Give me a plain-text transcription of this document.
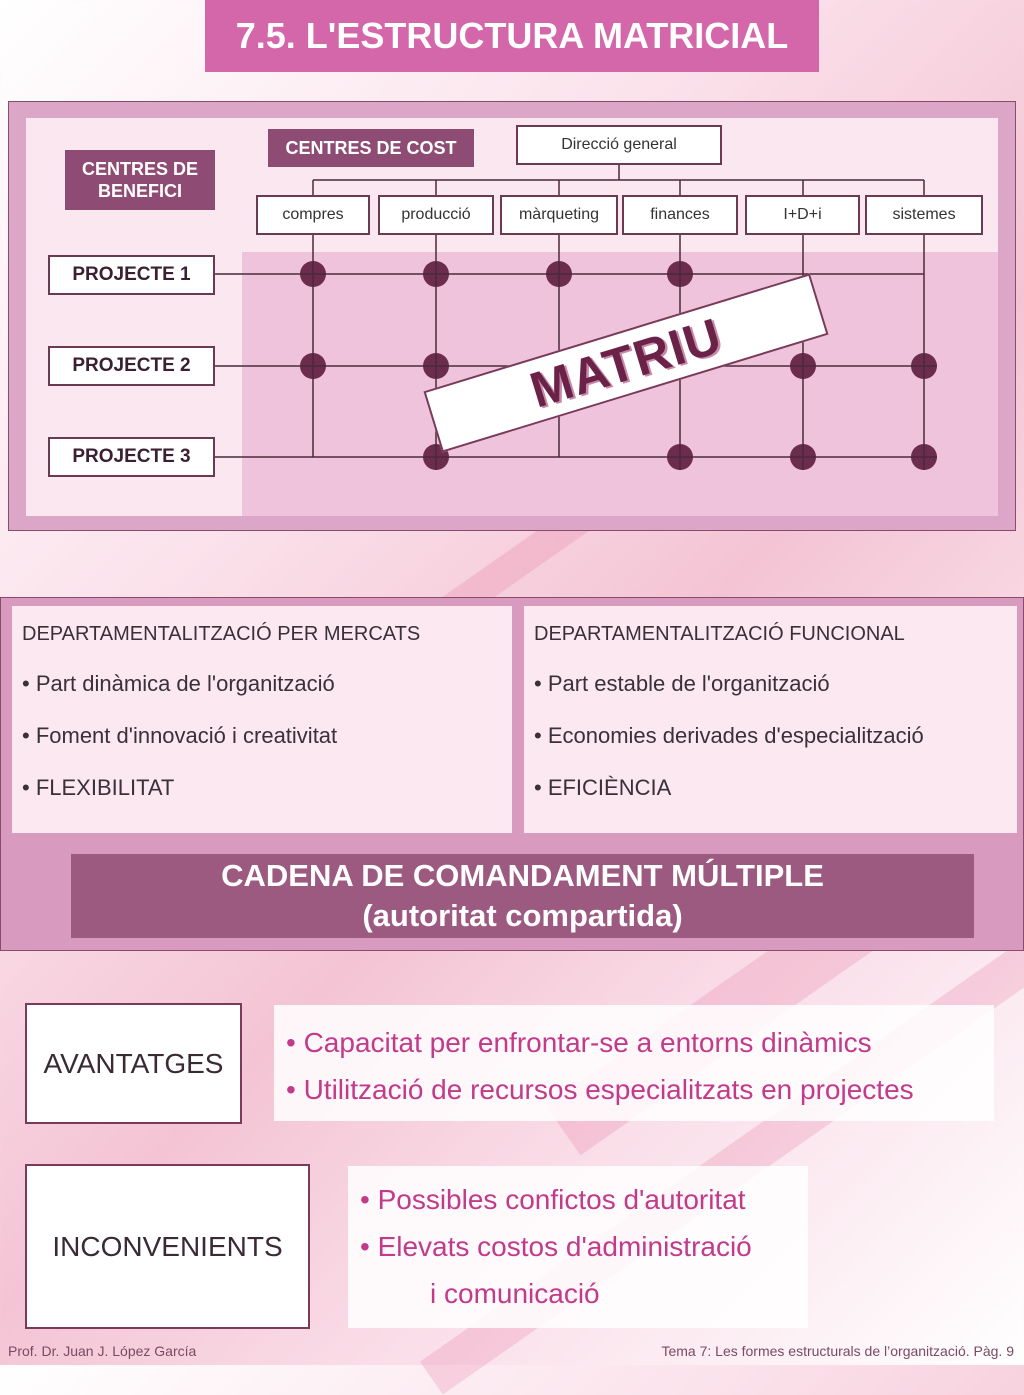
7.5. L'ESTRUCTURA MATRICIAL
CENTRES DE BENEFICI
CENTRES DE COST	Direcció general
compres	producció	màrqueting	finances	I+D+i	sistemes
PROJECTE 1
PROJECTE 2
PROJECTE 3
MATRIU
DEPARTAMENTALITZACIÓ PER MERCATS
• Part dinàmica de l'organització
• Foment d'innovació i creativitat
• FLEXIBILITAT
DEPARTAMENTALITZACIÓ FUNCIONAL
• Part estable de l'organització
• Economies derivades d'especialització
• EFICIÈNCIA
CADENA DE COMANDAMENT MÚLTIPLE
(autoritat compartida)
AVANTATGES
• Capacitat per enfrontar-se a entorns dinàmics
• Utilització de recursos especialitzats en projectes
INCONVENIENTS
• Possibles confictos d'autoritat
• Elevats costos d'administració
i comunicació
Prof. Dr. Juan J. López García	Tema 7: Les formes estructurals de l’organització. Pàg. 9
